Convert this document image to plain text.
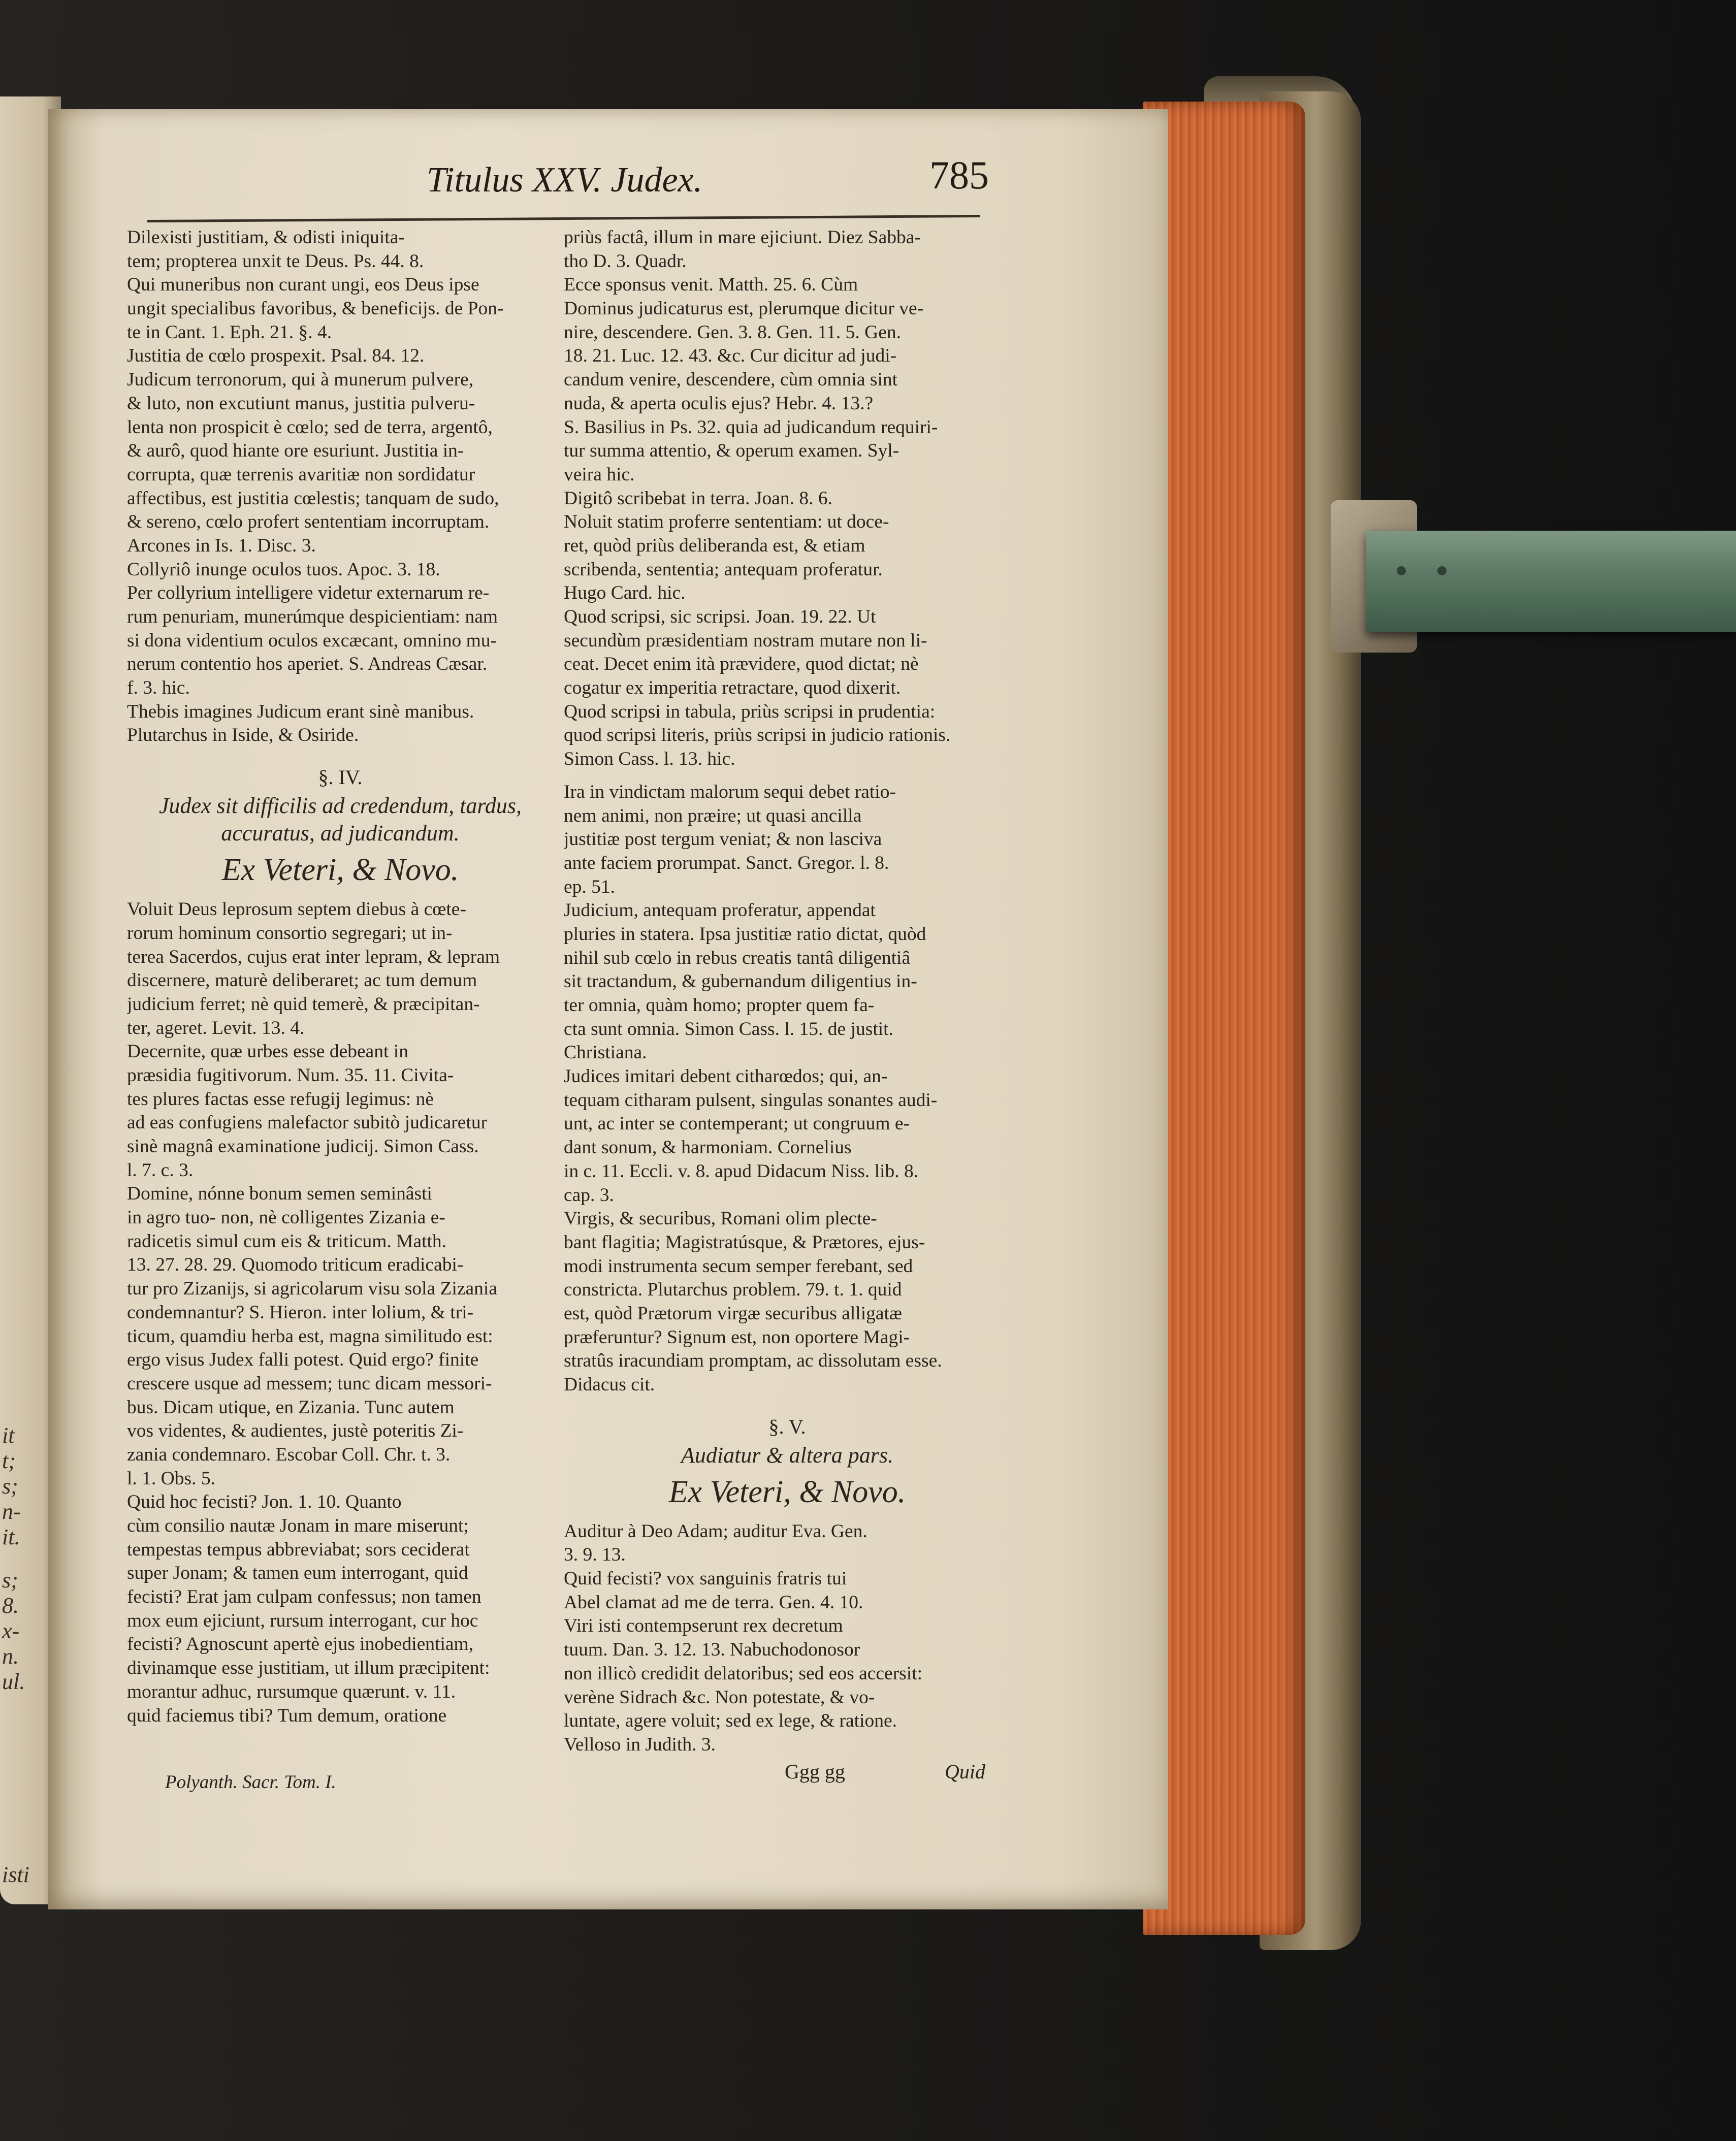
it
t;
s;
n-
it.
s;
8.
x-
n.
ul.
isti
Titulus XXV. Judex.	785
Dilexisti justitiam, & odisti iniquita-
tem; propterea unxit te Deus. Ps. 44. 8.
Qui muneribus non curant ungi, eos Deus ipse
ungit specialibus favoribus, & beneficijs. de Pon-
te in Cant. 1. Eph. 21. §. 4.
Justitia de cœlo prospexit. Psal. 84. 12.
Judicum terronorum, qui à munerum pulvere,
& luto, non excutiunt manus, justitia pulveru-
lenta non prospicit è cœlo; sed de terra, argentô,
& aurô, quod hiante ore esuriunt. Justitia in-
corrupta, quæ terrenis avaritiæ non sordidatur
affectibus, est justitia cœlestis; tanquam de sudo,
& sereno, cœlo profert sententiam incorruptam.
Arcones in Is. 1. Disc. 3.
Collyriô inunge oculos tuos. Apoc. 3. 18.
Per collyrium intelligere videtur externarum re-
rum penuriam, munerúmque despicientiam: nam
si dona videntium oculos excæcant, omnino mu-
nerum contentio hos aperiet. S. Andreas Cæsar.
f. 3. hic.
Thebis imagines Judicum erant sinè manibus.
Plutarchus in Iside, & Osiride.
§. IV.
Judex sit difficilis ad credendum, tardus,
accuratus, ad judicandum.
Ex Veteri, & Novo.
Voluit Deus leprosum septem diebus à cœte-
rorum hominum consortio segregari; ut in-
terea Sacerdos, cujus erat inter lepram, & lepram
discernere, maturè deliberaret; ac tum demum
judicium ferret; nè quid temerè, & præcipitan-
ter, ageret. Levit. 13. 4.
Decernite, quæ urbes esse debeant in
præsidia fugitivorum. Num. 35. 11. Civita-
tes plures factas esse refugij legimus: nè
ad eas confugiens malefactor subitò judicaretur
sinè magnâ examinatione judicij. Simon Cass.
l. 7. c. 3.
Domine, nónne bonum semen seminâsti
in agro tuo- non, nè colligentes Zizania e-
radicetis simul cum eis & triticum. Matth.
13. 27. 28. 29. Quomodo triticum eradicabi-
tur pro Zizanijs, si agricolarum visu sola Zizania
condemnantur? S. Hieron. inter lolium, & tri-
ticum, quamdiu herba est, magna similitudo est:
ergo visus Judex falli potest. Quid ergo? finite
crescere usque ad messem; tunc dicam messori-
bus. Dicam utique, en Zizania. Tunc autem
vos videntes, & audientes, justè poteritis Zi-
zania condemnaro. Escobar Coll. Chr. t. 3.
l. 1. Obs. 5.
Quid hoc fecisti? Jon. 1. 10. Quanto
cùm consilio nautæ Jonam in mare miserunt;
tempestas tempus abbreviabat; sors ceciderat
super Jonam; & tamen eum interrogant, quid
fecisti? Erat jam culpam confessus; non tamen
mox eum ejiciunt, rursum interrogant, cur hoc
fecisti? Agnoscunt apertè ejus inobedientiam,
divinamque esse justitiam, ut illum præcipitent:
morantur adhuc, rursumque quærunt. v. 11.
quid faciemus tibi? Tum demum, oratione
priùs factâ, illum in mare ejiciunt. Diez Sabba-
tho D. 3. Quadr.
Ecce sponsus venit. Matth. 25. 6. Cùm
Dominus judicaturus est, plerumque dicitur ve-
nire, descendere. Gen. 3. 8. Gen. 11. 5. Gen.
18. 21. Luc. 12. 43. &c. Cur dicitur ad judi-
candum venire, descendere, cùm omnia sint
nuda, & aperta oculis ejus? Hebr. 4. 13.?
S. Basilius in Ps. 32. quia ad judicandum requiri-
tur summa attentio, & operum examen. Syl-
veira hic.
Digitô scribebat in terra. Joan. 8. 6.
Noluit statim proferre sententiam: ut doce-
ret, quòd priùs deliberanda est, & etiam
scribenda, sententia; antequam proferatur.
Hugo Card. hic.
Quod scripsi, sic scripsi. Joan. 19. 22. Ut
secundùm præsidentiam nostram mutare non li-
ceat. Decet enim ità prævidere, quod dictat; nè
cogatur ex imperitia retractare, quod dixerit.
Quod scripsi in tabula, priùs scripsi in prudentia:
quod scripsi literis, priùs scripsi in judicio rationis.
Simon Cass. l. 13. hic.
Ira in vindictam malorum sequi debet ratio-
nem animi, non præire; ut quasi ancilla
justitiæ post tergum veniat; & non lasciva
ante faciem prorumpat. Sanct. Gregor. l. 8.
ep. 51.
Judicium, antequam proferatur, appendat
pluries in statera. Ipsa justitiæ ratio dictat, quòd
nihil sub cœlo in rebus creatis tantâ diligentiâ
sit tractandum, & gubernandum diligentius in-
ter omnia, quàm homo; propter quem fa-
cta sunt omnia. Simon Cass. l. 15. de justit.
Christiana.
Judices imitari debent citharœdos; qui, an-
tequam citharam pulsent, singulas sonantes audi-
unt, ac inter se contemperant; ut congruum e-
dant sonum, & harmoniam. Cornelius
in c. 11. Eccli. v. 8. apud Didacum Niss. lib. 8.
cap. 3.
Virgis, & securibus, Romani olim plecte-
bant flagitia; Magistratúsque, & Prætores, ejus-
modi instrumenta secum semper ferebant, sed
constricta. Plutarchus problem. 79. t. 1. quid
est, quòd Prætorum virgæ securibus alligatæ
præferuntur? Signum est, non oportere Magi-
stratûs iracundiam promptam, ac dissolutam esse.
Didacus cit.
§. V.
Audiatur & altera pars.
Ex Veteri, & Novo.
Auditur à Deo Adam; auditur Eva. Gen.
3. 9. 13.
Quid fecisti? vox sanguinis fratris tui
Abel clamat ad me de terra. Gen. 4. 10.
Viri isti contempserunt rex decretum
tuum. Dan. 3. 12. 13. Nabuchodonosor
non illicò credidit delatoribus; sed eos accersit:
verène Sidrach &c. Non potestate, & vo-
luntate, agere voluit; sed ex lege, & ratione.
Velloso in Judith. 3.
Polyanth. Sacr. Tom. I.	Ggg gg	Quid
